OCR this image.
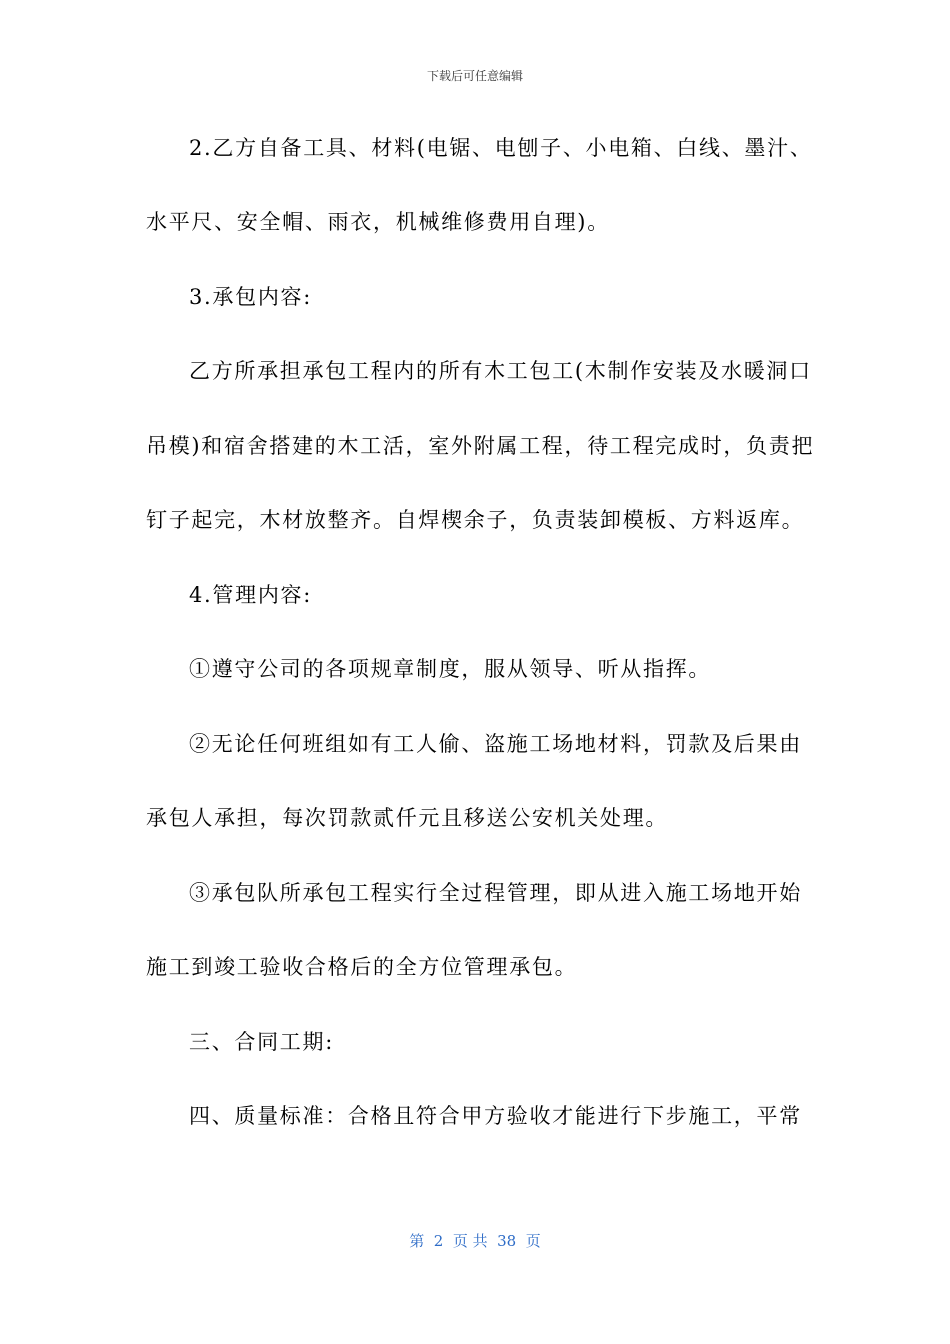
下载后可任意编辑
2.乙方自备工具、材料(电锯、电刨子、小电箱、白线、墨汁、
水平尺、安全帽、雨衣，机械维修费用自理)。
3.承包内容:
乙方所承担承包工程内的所有木工包工(木制作安装及水暖洞口
吊模)和宿舍搭建的木工活，室外附属工程，待工程完成时，负责把
钉子起完，木材放整齐。自焊楔余子，负责装卸模板、方料返库。
4.管理内容:
①遵守公司的各项规章制度，服从领导、听从指挥。
②无论任何班组如有工人偷、盗施工场地材料，罚款及后果由
承包人承担，每次罚款贰仟元且移送公安机关处理。
③承包队所承包工程实行全过程管理，即从进入施工场地开始
施工到竣工验收合格后的全方位管理承包。
三、合同工期:
四、质量标准：合格且符合甲方验收才能进行下步施工，平常
第  2  页 共  38  页
